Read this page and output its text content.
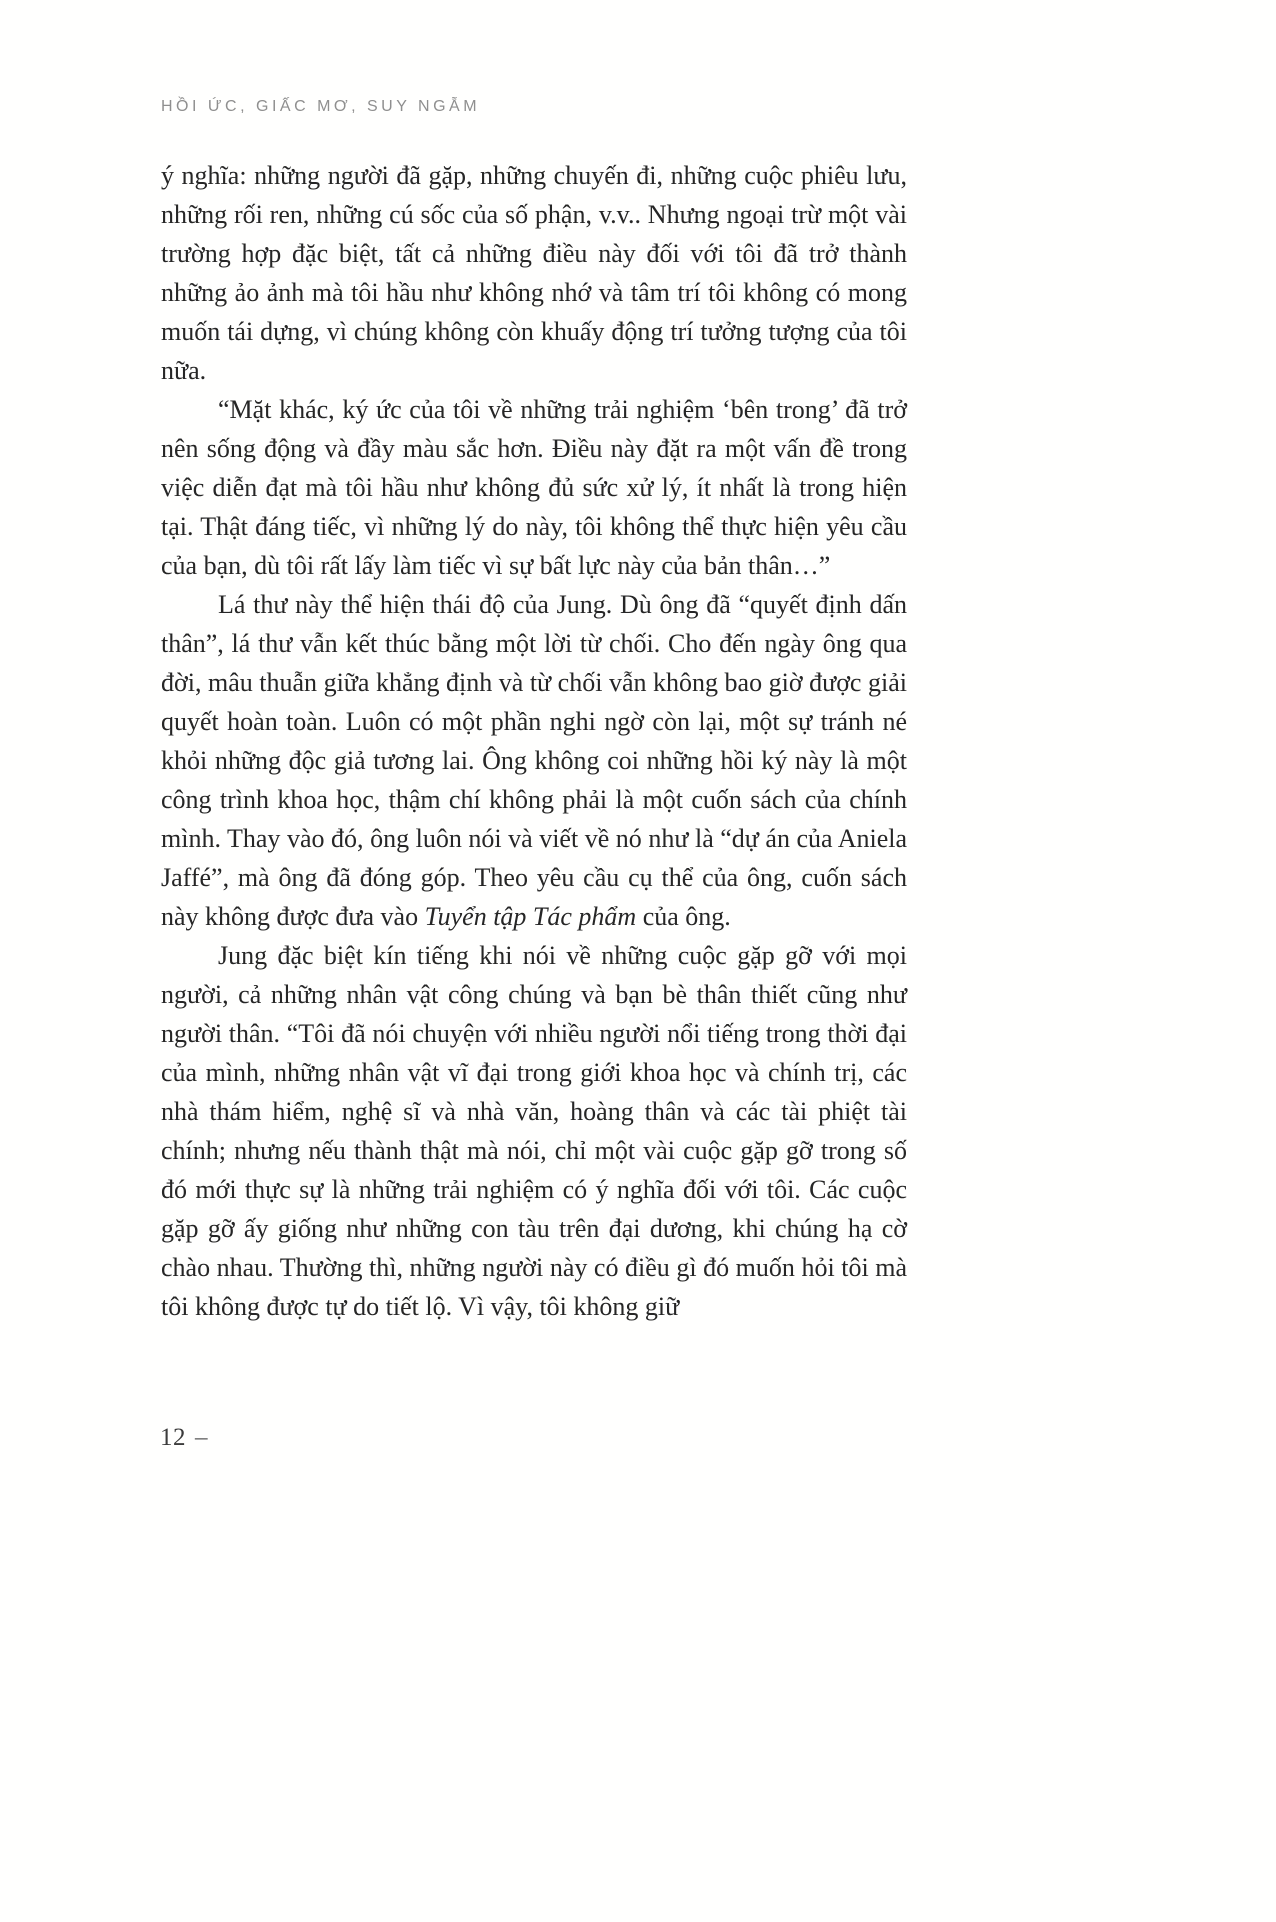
HỒI ỨC, GIẤC MƠ, SUY NGẪM

ý nghĩa: những người đã gặp, những chuyến đi, những cuộc phiêu lưu, những rối ren, những cú sốc của số phận, v.v.. Nhưng ngoại trừ một vài trường hợp đặc biệt, tất cả những điều này đối với tôi đã trở thành những ảo ảnh mà tôi hầu như không nhớ và tâm trí tôi không có mong muốn tái dựng, vì chúng không còn khuấy động trí tưởng tượng của tôi nữa.

“Mặt khác, ký ức của tôi về những trải nghiệm ‘bên trong’ đã trở nên sống động và đầy màu sắc hơn. Điều này đặt ra một vấn đề trong việc diễn đạt mà tôi hầu như không đủ sức xử lý, ít nhất là trong hiện tại. Thật đáng tiếc, vì những lý do này, tôi không thể thực hiện yêu cầu của bạn, dù tôi rất lấy làm tiếc vì sự bất lực này của bản thân…”

Lá thư này thể hiện thái độ của Jung. Dù ông đã “quyết định dấn thân”, lá thư vẫn kết thúc bằng một lời từ chối. Cho đến ngày ông qua đời, mâu thuẫn giữa khẳng định và từ chối vẫn không bao giờ được giải quyết hoàn toàn. Luôn có một phần nghi ngờ còn lại, một sự tránh né khỏi những độc giả tương lai. Ông không coi những hồi ký này là một công trình khoa học, thậm chí không phải là một cuốn sách của chính mình. Thay vào đó, ông luôn nói và viết về nó như là “dự án của Aniela Jaffé”, mà ông đã đóng góp. Theo yêu cầu cụ thể của ông, cuốn sách này không được đưa vào Tuyển tập Tác phẩm của ông.

Jung đặc biệt kín tiếng khi nói về những cuộc gặp gỡ với mọi người, cả những nhân vật công chúng và bạn bè thân thiết cũng như người thân. “Tôi đã nói chuyện với nhiều người nổi tiếng trong thời đại của mình, những nhân vật vĩ đại trong giới khoa học và chính trị, các nhà thám hiểm, nghệ sĩ và nhà văn, hoàng thân và các tài phiệt tài chính; nhưng nếu thành thật mà nói, chỉ một vài cuộc gặp gỡ trong số đó mới thực sự là những trải nghiệm có ý nghĩa đối với tôi. Các cuộc gặp gỡ ấy giống như những con tàu trên đại dương, khi chúng hạ cờ chào nhau. Thường thì, những người này có điều gì đó muốn hỏi tôi mà tôi không được tự do tiết lộ. Vì vậy, tôi không giữ

12 –
